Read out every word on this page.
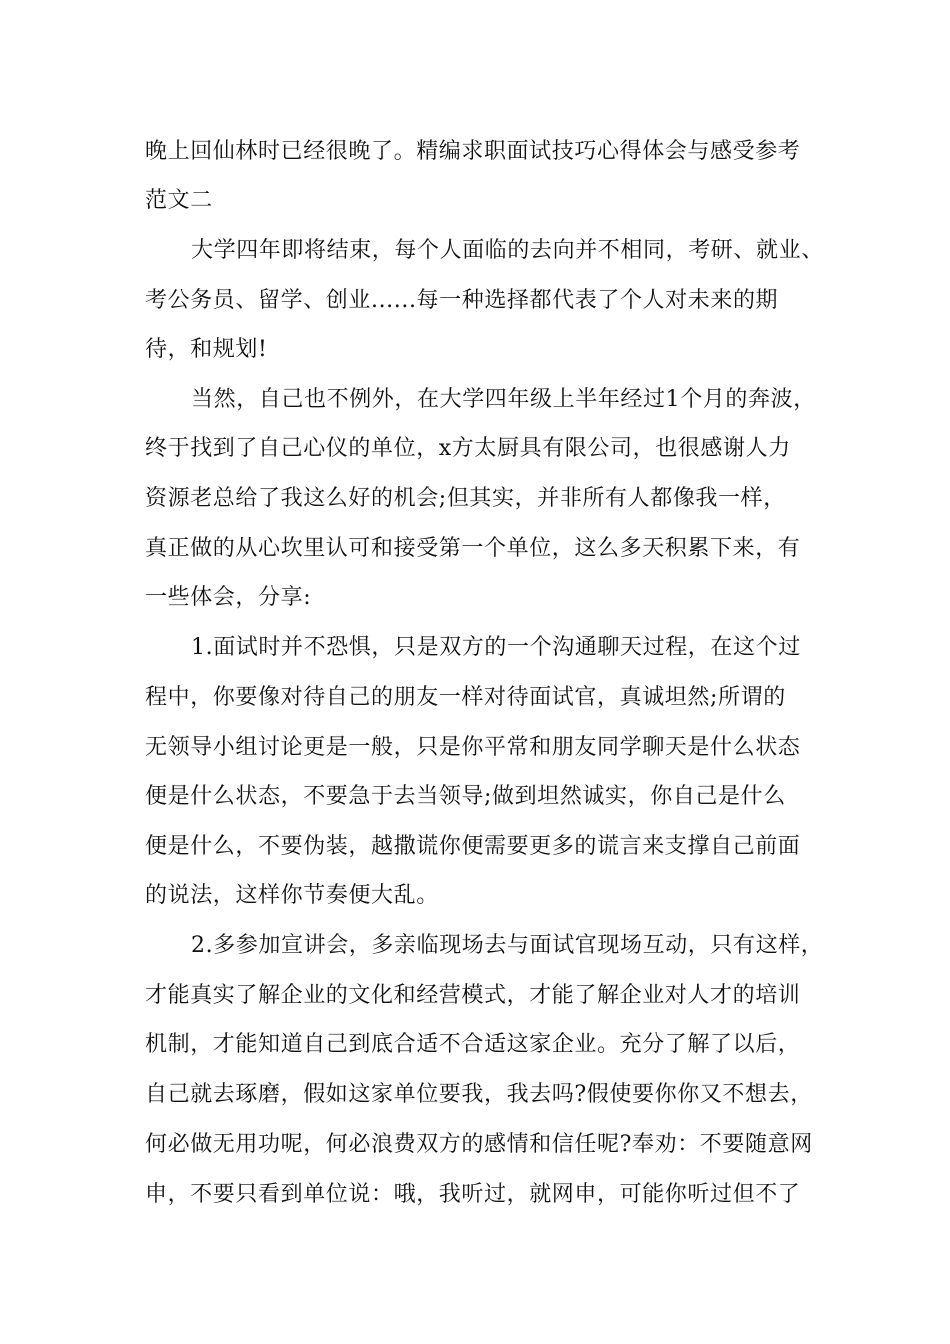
晚上回仙林时已经很晚了。精编求职面试技巧心得体会与感受参考
范文二
大学四年即将结束，每个人面临的去向并不相同，考研、就业、
考公务员、留学、创业......每一种选择都代表了个人对未来的期
待，和规划!
当然，自己也不例外，在大学四年级上半年经过1个月的奔波，
终于找到了自己心仪的单位，x方太厨具有限公司，也很感谢人力
资源老总给了我这么好的机会;但其实，并非所有人都像我一样，
真正做的从心坎里认可和接受第一个单位，这么多天积累下来，有
一些体会，分享:
1.面试时并不恐惧，只是双方的一个沟通聊天过程，在这个过
程中，你要像对待自己的朋友一样对待面试官，真诚坦然;所谓的
无领导小组讨论更是一般，只是你平常和朋友同学聊天是什么状态
便是什么状态，不要急于去当领导;做到坦然诚实，你自己是什么
便是什么，不要伪装，越撒谎你便需要更多的谎言来支撑自己前面
的说法，这样你节奏便大乱。
2.多参加宣讲会，多亲临现场去与面试官现场互动，只有这样，
才能真实了解企业的文化和经营模式，才能了解企业对人才的培训
机制，才能知道自己到底合适不合适这家企业。充分了解了以后，
自己就去琢磨，假如这家单位要我，我去吗?假使要你你又不想去，
何必做无用功呢，何必浪费双方的感情和信任呢?奉劝：不要随意网
申，不要只看到单位说：哦，我听过，就网申，可能你听过但不了
